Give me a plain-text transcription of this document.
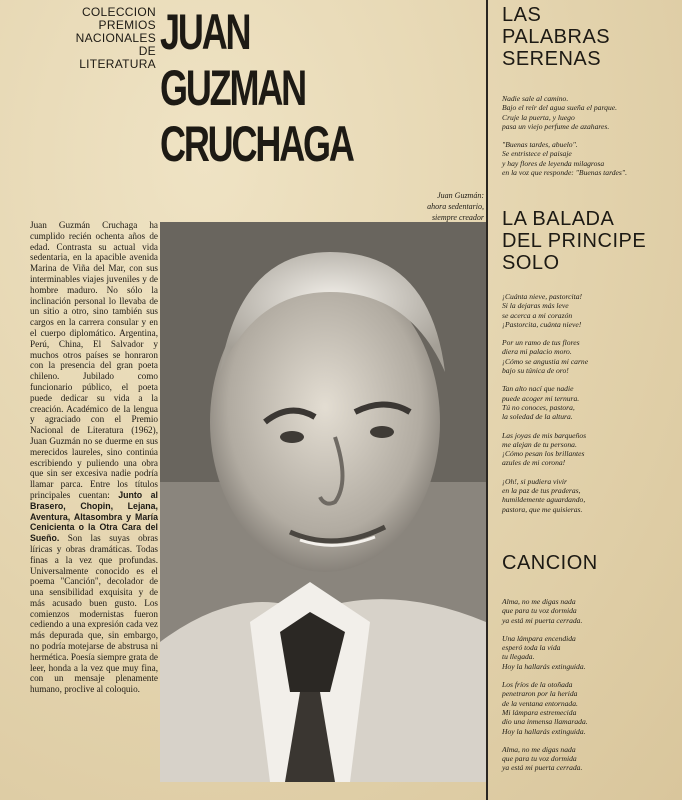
COLECCION
PREMIOS
NACIONALES
DE
LITERATURA
JUAN
GUZMAN
CRUCHAGA
Juan Guzmán:
ahora sedentario,
siempre creador
Juan Guzmán Cruchaga ha cumplido recién ochenta años de edad. Contrasta su actual vida sedentaria, en la apacible avenida Marina de Viña del Mar, con sus interminables viajes juveniles y de hombre maduro. No sólo la inclinación personal lo llevaba de un sitio a otro, sino también sus cargos en la carrera consular y en el cuerpo diplomático. Argentina, Perú, China, El Salvador y muchos otros países se honraron con la presencia del gran poeta chileno. Jubilado como funcionario público, el poeta puede dedicar su vida a la creación. Académico de la lengua y agraciado con el Premio Nacional de Literatura (1962), Juan Guzmán no se duerme en sus merecidos laureles, sino continúa escribiendo y puliendo una obra que sin ser excesiva nadie podría llamar parca. Entre los títulos principales cuentan: Junto al Brasero, Chopin, Lejana, Aventura, Altasombra y María Cenicienta o la Otra Cara del Sueño. Son las suyas obras líricas y obras dramáticas. Todas finas a la vez que profundas. Universalmente conocido es el poema "Canción", decolador de una sensibilidad exquisita y de más acusado buen gusto. Los comienzos modernistas fueron cediendo a una expresión cada vez más depurada que, sin embargo, no podría motejarse de abstrusa ni hermética. Poesía siempre grata de leer, honda a la vez que muy fina, con un mensaje plenamente humano, proclive al coloquio.
LAS
PALABRAS
SERENAS

Nadie sale al camino.
Bajo el reír del agua sueña el parque.
Cruje la puerta, y luego
pasa un viejo perfume de azahares.

"Buenas tardes, abuelo".
Se entristece el paisaje
y hay flores de leyenda milagrosa
en la voz que responde: "Buenas tardes".

LA BALADA
DEL PRINCIPE
SOLO

¡Cuánta nieve, pastorcita!
Si la dejaras más leve
se acerca a mi corazón
¡Pastorcita, cuánta nieve!

Por un ramo de tus flores
diera mi palacio moro.
¡Cómo se angustia mi carne
bajo su túnica de oro!

Tan alto nací que nadie
puede acoger mi ternura.
Tú no conoces, pastora,
la soledad de la altura.

Las joyas de mis barqueños
me alejan de tu persona.
¡Cómo pesan los brillantes
azules de mi corona!

¡Oh!, si pudiera vivir
en la paz de tus praderas,
humildemente aguardando,
pastora, que me quisieras.

CANCION

Alma, no me digas nada
que para tu voz dormida
ya está mi puerta cerrada.

Una lámpara encendida
esperó toda la vida
tu llegada.
Hoy la hallarás extinguida.

Los fríos de la otoñada
penetraron por la herida
de la ventana entornada.
Mi lámpara estremecida
dio una inmensa llamarada.
Hoy la hallarás extinguida.

Alma, no me digas nada
que para tu voz dormida
ya está mi puerta cerrada.
